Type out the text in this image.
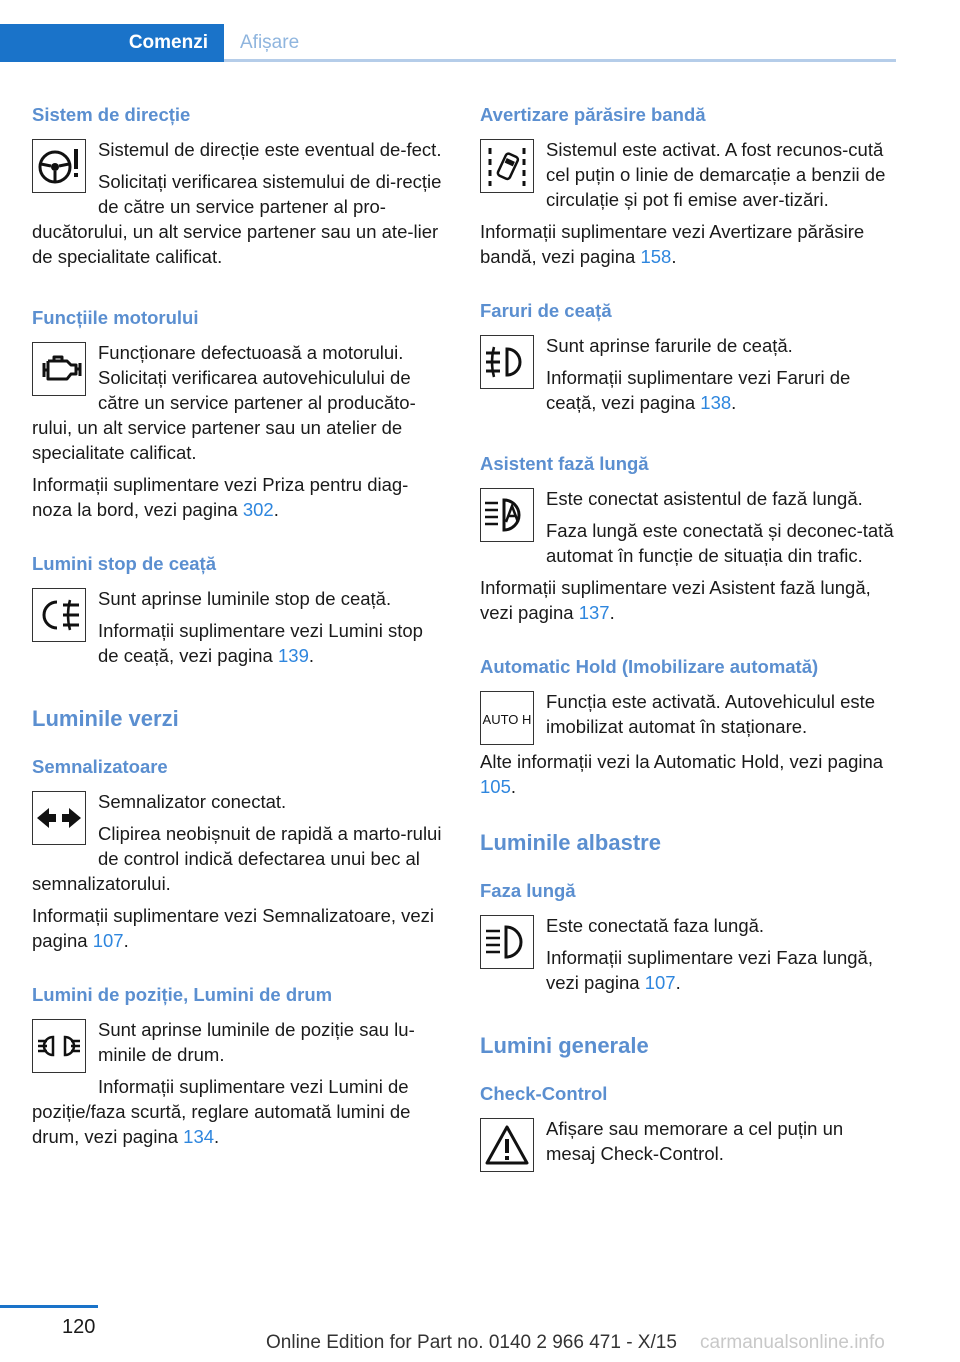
Comenzi	Afișare
Sistem de direcție

Sistemul de direcție este eventual de-fect.

Solicitați verificarea sistemului de di-recție de către un service partener al pro-ducătorului, un alt service partener sau un ate-lier de specialitate calificat.

Funcțiile motorului

Funcționare defectuoasă a motorului. Solicitați verificarea autovehiculului de către un service partener al producăto-rului, un alt service partener sau un atelier de specialitate calificat.

Informații suplimentare vezi Priza pentru diag-noza la bord, vezi pagina 302.

Lumini stop de ceață

Sunt aprinse luminile stop de ceață.

Informații suplimentare vezi Lumini stop de ceață, vezi pagina 139.

Luminile verzi
Semnalizatoare

Semnalizator conectat.

Clipirea neobișnuit de rapidă a marto-rului de control indică defectarea unui bec al semnalizatorului.

Informații suplimentare vezi Semnalizatoare, vezi pagina 107.

Lumini de poziție, Lumini de drum

Sunt aprinse luminile de poziție sau lu-minile de drum.

Informații suplimentare vezi Lumini de poziție/faza scurtă, reglare automată lumini de drum, vezi pagina 134.

Avertizare părăsire bandă

Sistemul este activat. A fost recunos-cută cel puțin o linie de demarcație a benzii de circulație și pot fi emise aver-tizări.

Informații suplimentare vezi Avertizare părăsire bandă, vezi pagina 158.

Faruri de ceață

Sunt aprinse farurile de ceață.

Informații suplimentare vezi Faruri de ceață, vezi pagina 138.

Asistent fază lungă

Este conectat asistentul de fază lungă.

Faza lungă este conectată și deconec-tată automat în funcție de situația din trafic.

Informații suplimentare vezi Asistent fază lungă, vezi pagina 137.

Automatic Hold (Imobilizare automată)
AUTO H

Funcția este activată. Autovehiculul este imobilizat automat în staționare.

Alte informații vezi la Automatic Hold, vezi pagina 105.

Luminile albastre
Faza lungă

Este conectată faza lungă.

Informații suplimentare vezi Faza lungă, vezi pagina 107.

Lumini generale
Check-Control

Afișare sau memorare a cel puțin un mesaj Check-Control.

120
Online Edition for Part no. 0140 2 966 471 - X/15 carmanualsonline.info
